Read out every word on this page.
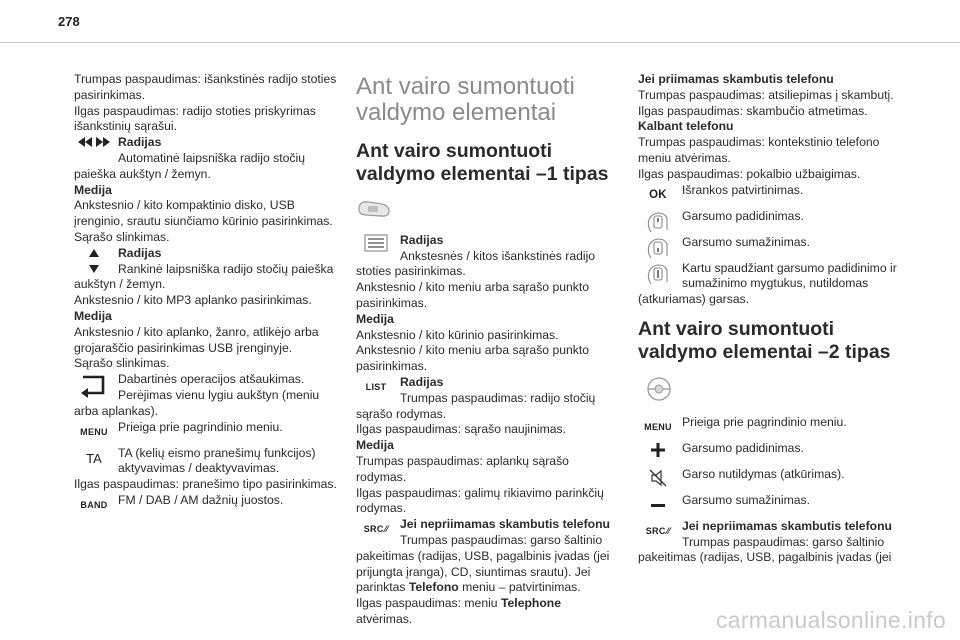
278

Trumpas paspaudimas: išankstinės radijo stoties pasirinkimas.

Ilgas paspaudimas: radijo stoties priskyrimas išankstinių sąrašui.

Radijas
Automatinė laipsniška radijo stočių
paieška aukštyn / žemyn.

Medija

Ankstesnio / kito kompaktinio disko, USB įrenginio, srautu siunčiamo kūrinio pasirinkimas.

Sąrašo slinkimas.

Radijas
Rankinė laipsniška radijo stočių paieška
aukštyn / žemyn.
Ankstesnio / kito MP3 aplanko pasirinkimas.

Medija

Ankstesnio / kito aplanko, žanro, atlikėjo arba grojaraščio pasirinkimas USB įrenginyje.

Sąrašo slinkimas.

Dabartinės operacijos atšaukimas.
Perėjimas vienu lygiu aukštyn (meniu
arba aplankas).
MENU Prieiga prie pagrindinio meniu.
TA TA (kelių eismo pranešimų funkcijos)
aktyvavimas / deaktyvavimas.
Ilgas paspaudimas: pranešimo tipo pasirinkimas.
BAND FM / DAB / AM dažnių juostos.
Ant vairo sumontuoti valdymo elementai
Ant vairo sumontuoti valdymo elementai –1 tipas
Radijas
Ankstesnės / kitos išankstinės radijo
stoties pasirinkimas.
Ankstesnio / kito meniu arba sąrašo punkto pasirinkimas.

Medija

Ankstesnio / kito kūrinio pasirinkimas.

Ankstesnio / kito meniu arba sąrašo punkto pasirinkimas.

LIST Radijas
Trumpas paspaudimas: radijo stočių
sąrašo rodymas.
Ilgas paspaudimas: sąrašo naujinimas.

Medija

Trumpas paspaudimas: aplankų sąrašo rodymas.

Ilgas paspaudimas: galimų rikiavimo parinkčių rodymas.

SRC ⁄⁄ Jei nepriimamas skambutis telefonu
Trumpas paspaudimas: garso šaltinio
pakeitimas (radijas, USB, pagalbinis įvadas (jei prijungta įranga), CD, siuntimas srautu). Jei parinktas Telefono meniu – patvirtinimas.
Ilgas paspaudimas: meniu Telephone atvėrimas.

Jei priimamas skambutis telefonu

Trumpas paspaudimas: atsiliepimas į skambutį.

Ilgas paspaudimas: skambučio atmetimas.

Kalbant telefonu

Trumpas paspaudimas: kontekstinio telefono meniu atvėrimas.

Ilgas paspaudimas: pokalbio užbaigimas.

OK Išrankos patvirtinimas.
Garsumo padidinimas.
Garsumo sumažinimas.
Kartu spaudžiant garsumo padidinimo ir
sumažinimo mygtukus, nutildomas
(atkuriamas) garsas.
Ant vairo sumontuoti valdymo elementai –2 tipas
MENU Prieiga prie pagrindinio meniu.
Garsumo padidinimas.
Garso nutildymas (atkūrimas).
Garsumo sumažinimas.
SRC ⁄⁄ Jei nepriimamas skambutis telefonu
Trumpas paspaudimas: garso šaltinio
pakeitimas (radijas, USB, pagalbinis įvadas (jei
carmanualsonline.info
